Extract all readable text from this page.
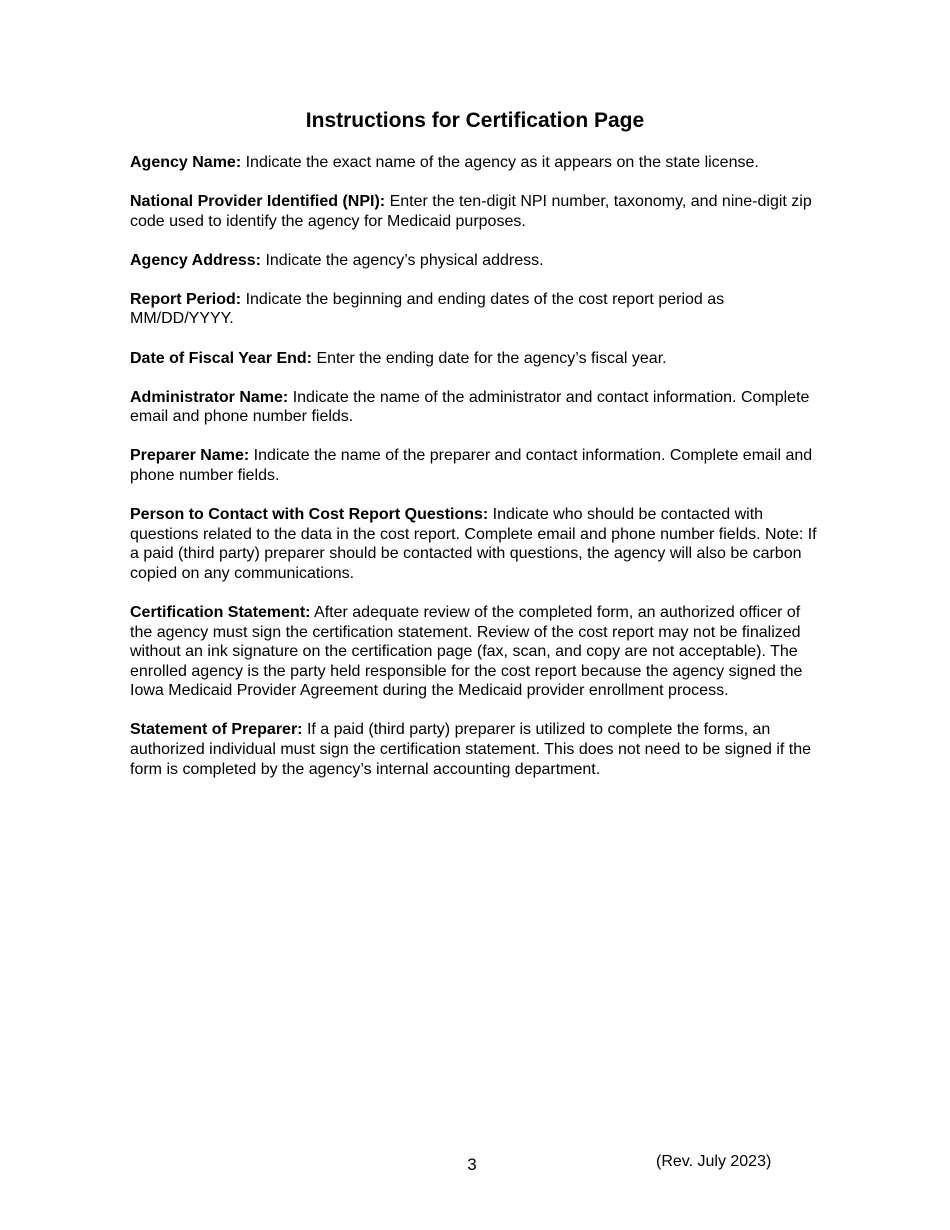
Instructions for Certification Page

Agency Name: Indicate the exact name of the agency as it appears on the state license.

National Provider Identified (NPI): Enter the ten-digit NPI number, taxonomy, and nine-digit zip code used to identify the agency for Medicaid purposes.

Agency Address: Indicate the agency’s physical address.

Report Period: Indicate the beginning and ending dates of the cost report period as MM/DD/YYYY.

Date of Fiscal Year End: Enter the ending date for the agency’s fiscal year.

Administrator Name: Indicate the name of the administrator and contact information. Complete email and phone number fields.

Preparer Name: Indicate the name of the preparer and contact information. Complete email and phone number fields.

Person to Contact with Cost Report Questions: Indicate who should be contacted with questions related to the data in the cost report. Complete email and phone number fields. Note: If a paid (third party) preparer should be contacted with questions, the agency will also be carbon copied on any communications.

Certification Statement: After adequate review of the completed form, an authorized officer of the agency must sign the certification statement. Review of the cost report may not be finalized without an ink signature on the certification page (fax, scan, and copy are not acceptable). The enrolled agency is the party held responsible for the cost report because the agency signed the Iowa Medicaid Provider Agreement during the Medicaid provider enrollment process.

Statement of Preparer: If a paid (third party) preparer is utilized to complete the forms, an authorized individual must sign the certification statement. This does not need to be signed if the form is completed by the agency’s internal accounting department.

3	(Rev. July 2023)
